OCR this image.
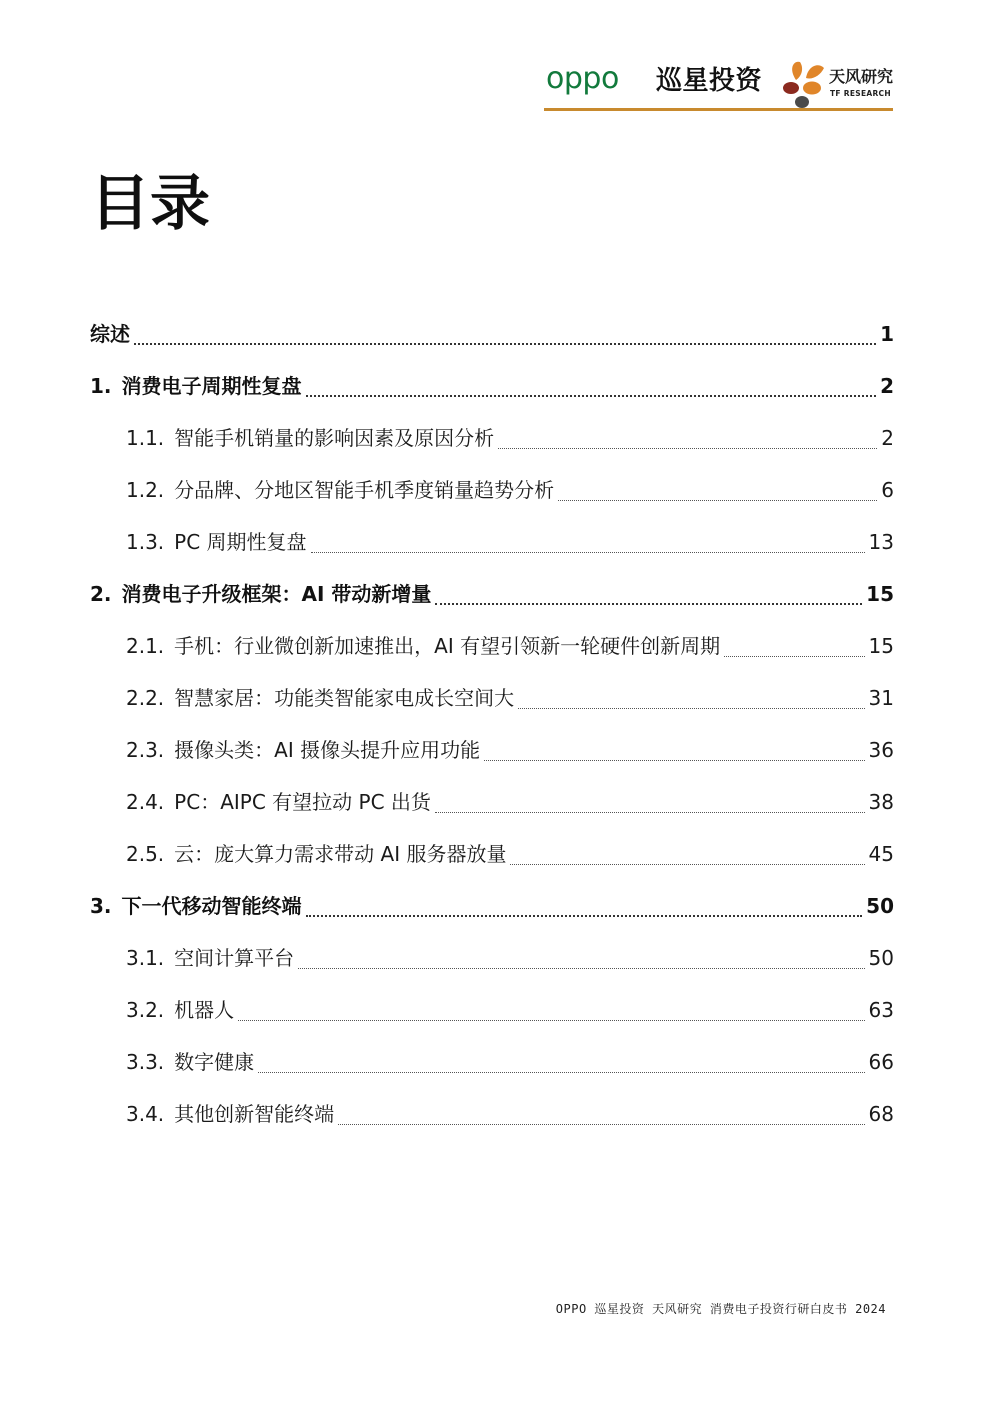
oppo 巡星投资	天风研究
TF RESEARCH
目录
综述	1
1. 消费电子周期性复盘	2
1.1. 智能手机销量的影响因素及原因分析	2
1.2. 分品牌、分地区智能手机季度销量趋势分析	6
1.3. PC 周期性复盘	13
2. 消费电子升级框架：AI 带动新增量	15
2.1. 手机：行业微创新加速推出，AI 有望引领新一轮硬件创新周期	15
2.2. 智慧家居：功能类智能家电成长空间大	31
2.3. 摄像头类：AI 摄像头提升应用功能	36
2.4. PC：AIPC 有望拉动 PC 出货	38
2.5. 云：庞大算力需求带动 AI 服务器放量	45
3. 下一代移动智能终端	50
3.1. 空间计算平台	50
3.2. 机器人	63
3.3. 数字健康	66
3.4. 其他创新智能终端	68
OPPO 巡星投资 天风研究 消费电子投资行研白皮书 2024
